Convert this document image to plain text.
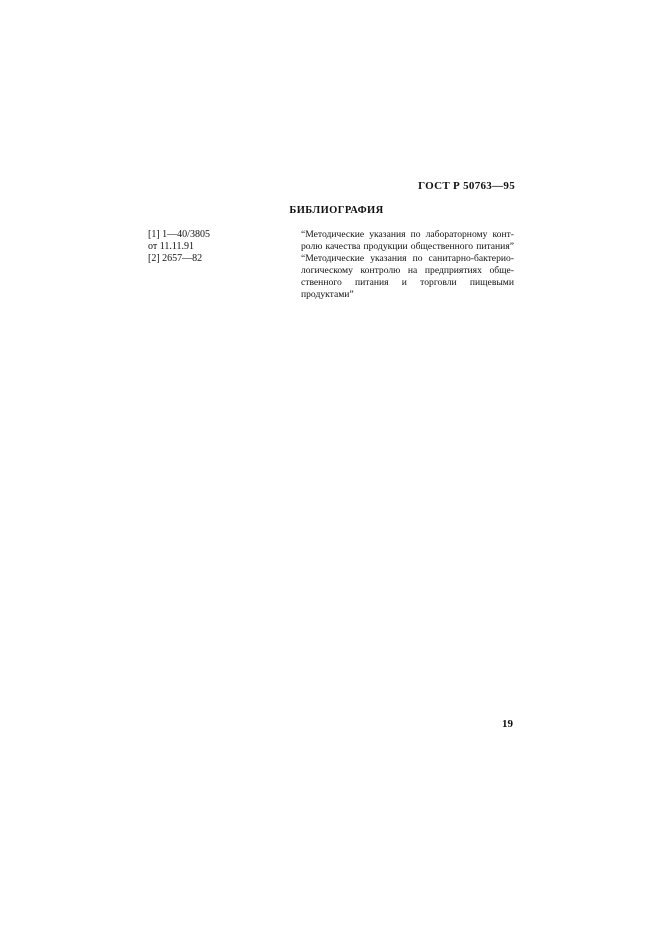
ГОСТ Р 50763—95
БИБЛИОГРАФИЯ
[1] 1—40/3805
от 11.11.91
[2] 2657—82
“Методические указания по лабораторному конт-
ролю качества продукции общественного питания”
“Методические указания по санитарно-бактерио-
логическому контролю на предприятиях обще-
ственного питания и торговли пищевыми
продуктами”
19
